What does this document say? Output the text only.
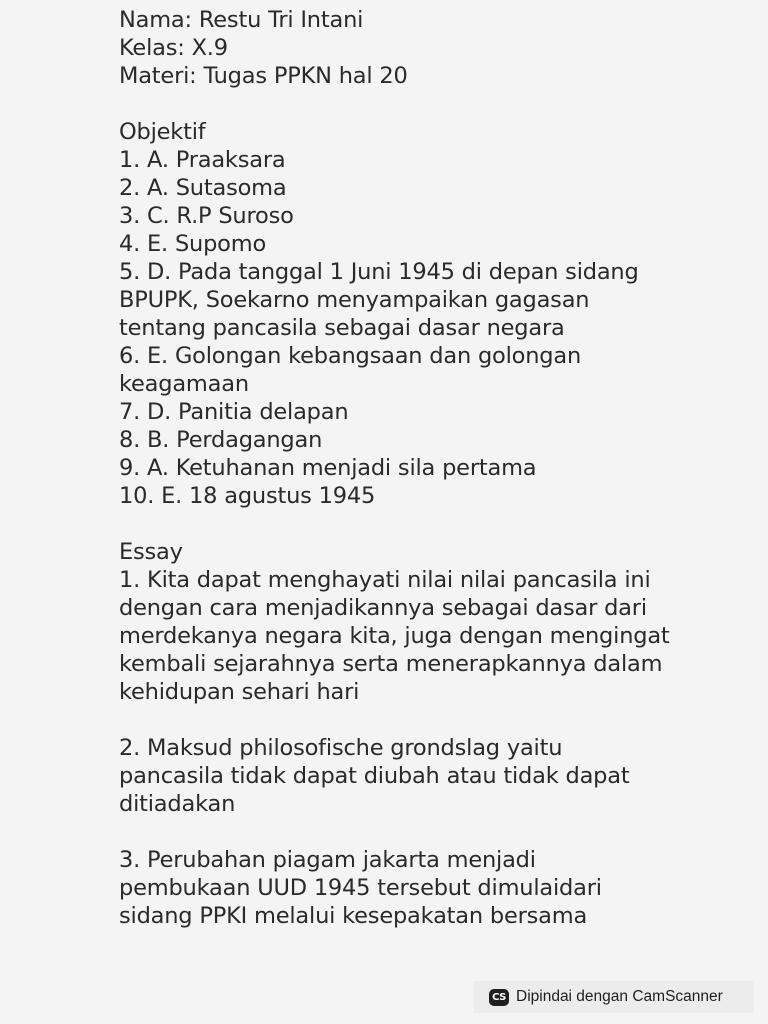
Nama: Restu Tri Intani
Kelas: X.9
Materi: Tugas PPKN hal 20
Objektif
1. A. Praaksara
2. A. Sutasoma
3. C. R.P Suroso
4. E. Supomo
5. D. Pada tanggal 1 Juni 1945 di depan sidang
BPUPK, Soekarno menyampaikan gagasan
tentang pancasila sebagai dasar negara
6. E. Golongan kebangsaan dan golongan
keagamaan
7. D. Panitia delapan
8. B. Perdagangan
9. A. Ketuhanan menjadi sila pertama
10. E. 18 agustus 1945
Essay
1. Kita dapat menghayati nilai nilai pancasila ini
dengan cara menjadikannya sebagai dasar dari
merdekanya negara kita, juga dengan mengingat
kembali sejarahnya serta menerapkannya dalam
kehidupan sehari hari
2. Maksud philosofische grondslag yaitu
pancasila tidak dapat diubah atau tidak dapat
ditiadakan
3. Perubahan piagam jakarta menjadi
pembukaan UUD 1945 tersebut dimulaidari
sidang PPKI melalui kesepakatan bersama
CS Dipindai dengan CamScanner
